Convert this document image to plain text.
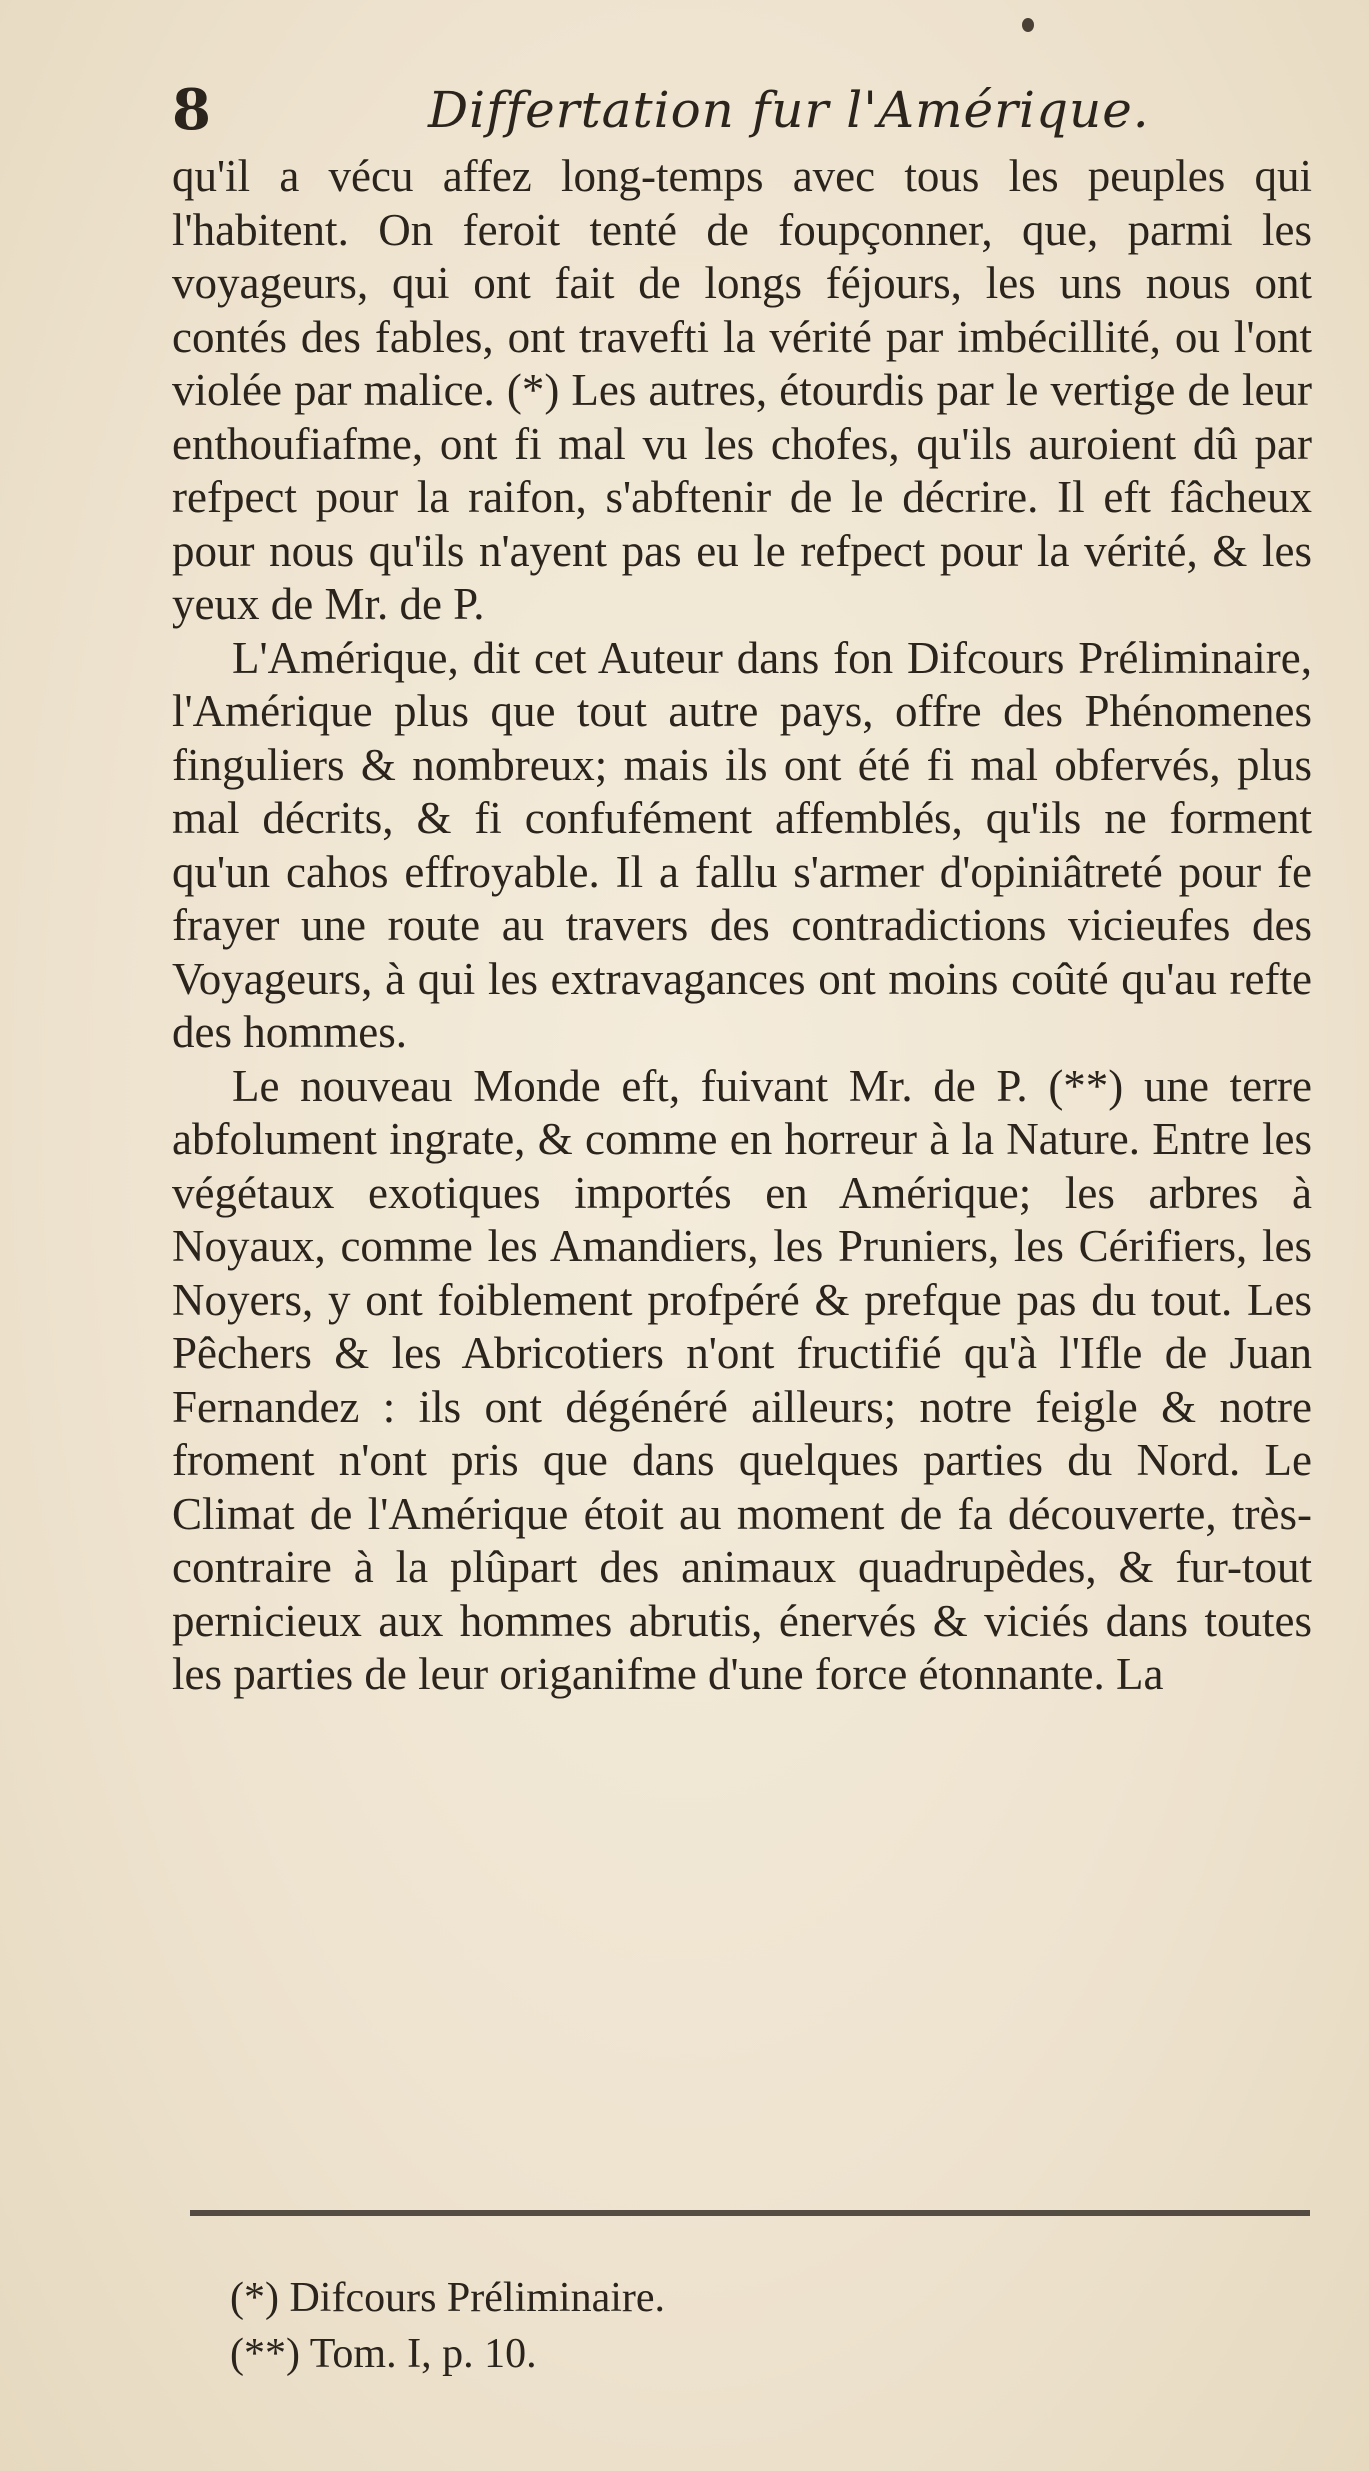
8	Differtation fur l'Amérique.

qu'il a vécu affez long-temps avec tous les peuples qui l'habitent. On feroit tenté de foupçonner, que, parmi les voyageurs, qui ont fait de longs féjours, les uns nous ont contés des fables, ont travefti la vérité par imbécillité, ou l'ont violée par malice. (*) Les autres, étourdis par le vertige de leur enthoufiafme, ont fi mal vu les chofes, qu'ils auroient dû par refpect pour la raifon, s'abftenir de le décrire. Il eft fâcheux pour nous qu'ils n'ayent pas eu le refpect pour la vérité, & les yeux de Mr. de P.

L'Amérique, dit cet Auteur dans fon Difcours Préliminaire, l'Amérique plus que tout autre pays, offre des Phénomenes finguliers & nombreux; mais ils ont été fi mal obfervés, plus mal décrits, & fi confufément affemblés, qu'ils ne forment qu'un cahos effroyable. Il a fallu s'armer d'opiniâtreté pour fe frayer une route au travers des contradictions vicieufes des Voyageurs, à qui les extravagances ont moins coûté qu'au refte des hommes.

Le nouveau Monde eft, fuivant Mr. de P. (**) une terre abfolument ingrate, & comme en horreur à la Nature. Entre les végétaux exotiques importés en Amérique; les arbres à Noyaux, comme les Amandiers, les Pruniers, les Cérifiers, les Noyers, y ont foiblement profpéré & prefque pas du tout. Les Pêchers & les Abricotiers n'ont fructifié qu'à l'Ifle de Juan Fernandez : ils ont dégénéré ailleurs; notre feigle & notre froment n'ont pris que dans quelques parties du Nord. Le Climat de l'Amérique étoit au moment de fa découverte, très-contraire à la plûpart des animaux quadrupèdes, & fur-tout pernicieux aux hommes abrutis, énervés & viciés dans toutes les parties de leur origanifme d'une force étonnante. La

(*) Difcours Préliminaire.
(**) Tom. I, p. 10.
